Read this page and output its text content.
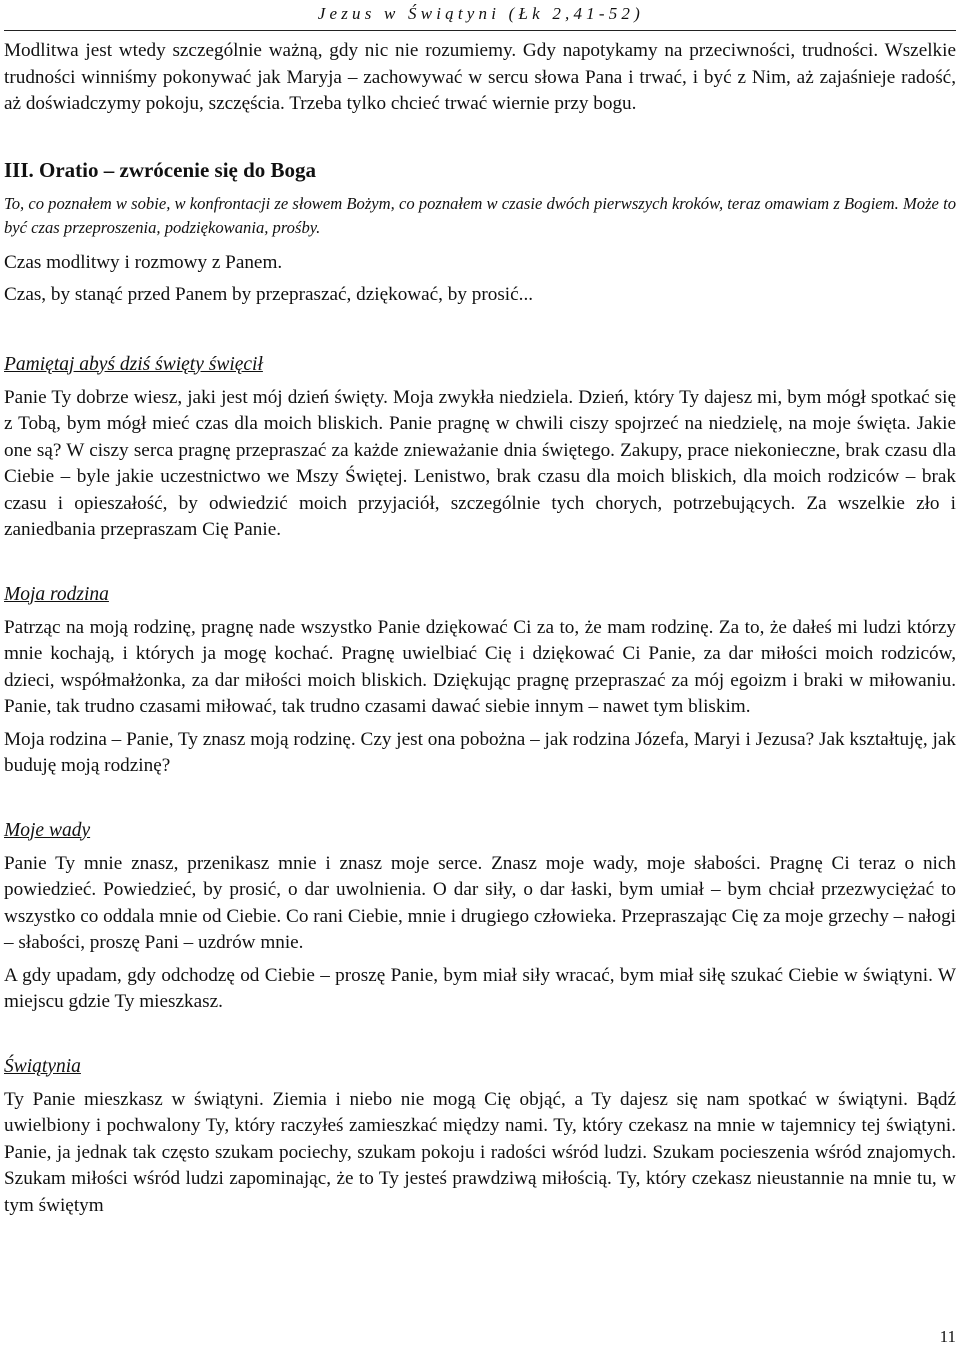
Jezus w Świątyni (Łk 2,41-52)

Modlitwa jest wtedy szczególnie ważną, gdy nic nie rozumiemy. Gdy napotykamy na przeciwności, trudności. Wszelkie trudności winniśmy pokonywać jak Maryja – zachowywać w sercu słowa Pana i trwać, i być z Nim, aż zajaśnieje radość, aż doświadczymy pokoju, szczęścia. Trzeba tylko chcieć trwać wiernie przy bogu.

III. Oratio – zwrócenie się do Boga

To, co poznałem w sobie, w konfrontacji ze słowem Bożym, co poznałem w czasie dwóch pierwszych kroków, teraz omawiam z Bogiem. Może to być czas przeproszenia, podziękowania, prośby.

Czas modlitwy i rozmowy z Panem.

Czas, by stanąć przed Panem by przepraszać, dziękować, by prosić...

Pamiętaj abyś dziś święty święcił

Panie Ty dobrze wiesz, jaki jest mój dzień święty. Moja zwykła niedziela. Dzień, który Ty dajesz mi, bym mógł spotkać się z Tobą, bym mógł mieć czas dla moich bliskich. Panie pragnę w chwili ciszy spojrzeć na niedzielę, na moje święta. Jakie one są? W ciszy serca pragnę przepraszać za każde znieważanie dnia świętego. Zakupy, prace niekonieczne, brak czasu dla Ciebie – byle jakie uczestnictwo we Mszy Świętej. Lenistwo, brak czasu dla moich bliskich, dla moich rodziców – brak czasu i opieszałość, by odwiedzić moich przyjaciół, szczególnie tych chorych, potrzebujących. Za wszelkie zło i zaniedbania przepraszam Cię Panie.

Moja rodzina

Patrząc na moją rodzinę, pragnę nade wszystko Panie dziękować Ci za to, że mam rodzinę. Za to, że dałeś mi ludzi którzy mnie kochają, i których ja mogę kochać. Pragnę uwielbiać Cię i dziękować Ci Panie, za dar miłości moich rodziców, dzieci, współmałżonka, za dar miłości moich bliskich. Dziękując pragnę przepraszać za mój egoizm i braki w miłowaniu. Panie, tak trudno czasami miłować, tak trudno czasami dawać siebie innym – nawet tym bliskim.

Moja rodzina – Panie, Ty znasz moją rodzinę. Czy jest ona pobożna – jak rodzina Józefa, Maryi i Jezusa? Jak kształtuję, jak buduję moją rodzinę?

Moje wady

Panie Ty mnie znasz, przenikasz mnie i znasz moje serce. Znasz moje wady, moje słabości. Pragnę Ci teraz o nich powiedzieć. Powiedzieć, by prosić, o dar uwolnienia. O dar siły, o dar łaski, bym umiał – bym chciał przezwyciężać to wszystko co oddala mnie od Ciebie. Co rani Ciebie, mnie i drugiego człowieka. Przepraszając Cię za moje grzechy – nałogi – słabości, proszę Pani – uzdrów mnie.

A gdy upadam, gdy odchodzę od Ciebie – proszę Panie, bym miał siły wracać, bym miał siłę szukać Ciebie w świątyni. W miejscu gdzie Ty mieszkasz.

Świątynia

Ty Panie mieszkasz w świątyni. Ziemia i niebo nie mogą Cię objąć, a Ty dajesz się nam spotkać w świątyni. Bądź uwielbiony i pochwalony Ty, który raczyłeś zamieszkać między nami. Ty, który czekasz na mnie w tajemnicy tej świątyni. Panie, ja jednak tak często szukam pociechy, szukam pokoju i radości wśród ludzi. Szukam pocieszenia wśród znajomych. Szukam miłości wśród ludzi zapominając, że to Ty jesteś prawdziwą miłością. Ty, który czekasz nieustannie na mnie tu, w tym świętym

11
